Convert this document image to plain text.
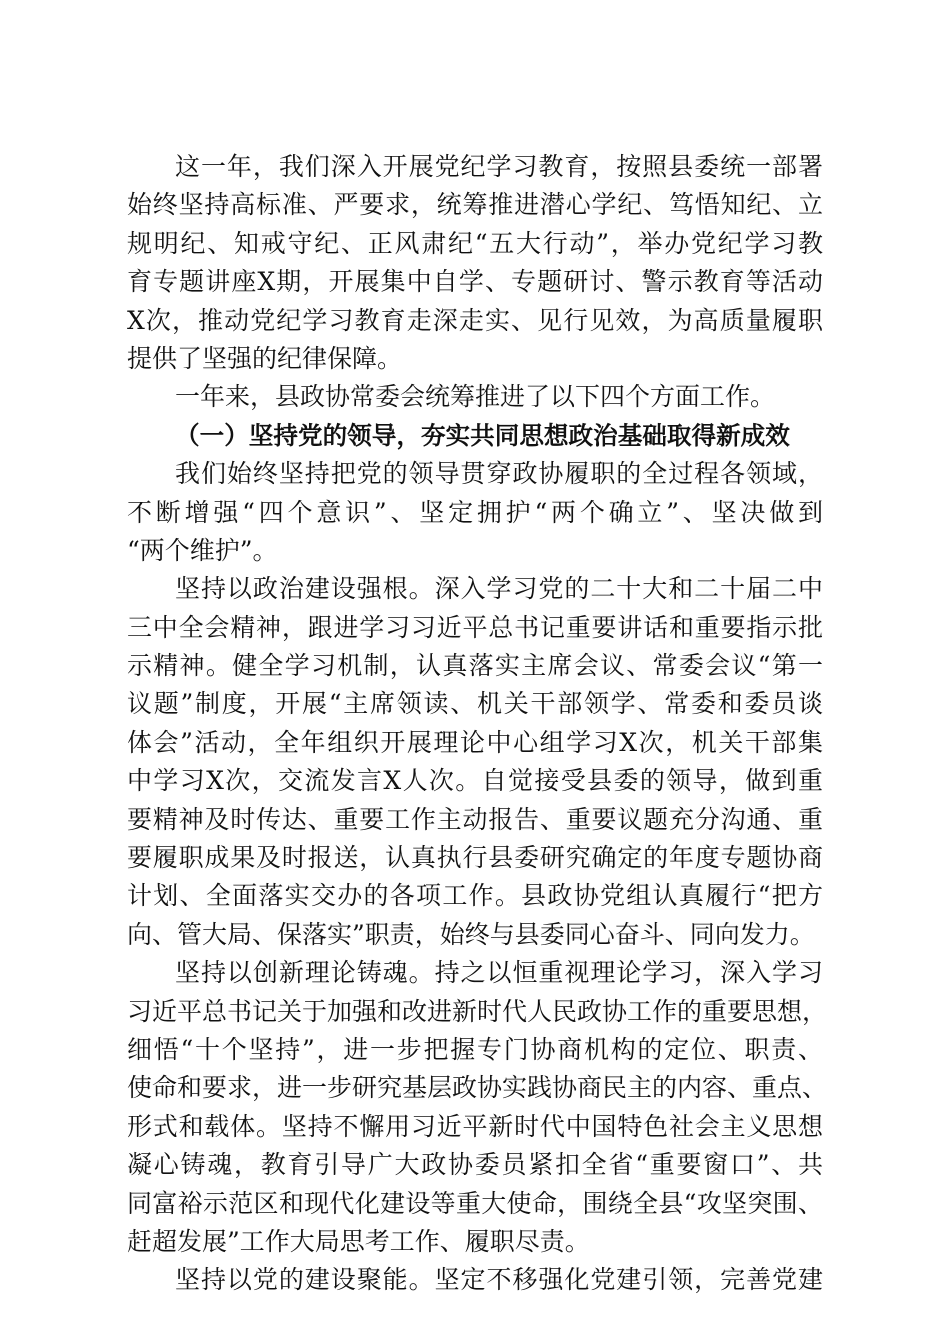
这一年，我们深入开展党纪学习教育，按照县委统一部署
始终坚持高标准、严要求，统筹推进潜心学纪、笃悟知纪、立
规明纪、知戒守纪、正风肃纪“五大行动”，举办党纪学习教
育专题讲座X期，开展集中自学、专题研讨、警示教育等活动
X次，推动党纪学习教育走深走实、见行见效，为高质量履职
提供了坚强的纪律保障。
一年来，县政协常委会统筹推进了以下四个方面工作。
（一）坚持党的领导，夯实共同思想政治基础取得新成效
我们始终坚持把党的领导贯穿政协履职的全过程各领域，
不断增强“四个意识”、坚定拥护“两个确立”、坚决做到
“两个维护”。
坚持以政治建设强根。深入学习党的二十大和二十届二中
三中全会精神，跟进学习习近平总书记重要讲话和重要指示批
示精神。健全学习机制，认真落实主席会议、常委会议“第一
议题”制度，开展“主席领读、机关干部领学、常委和委员谈
体会”活动，全年组织开展理论中心组学习X次，机关干部集
中学习X次，交流发言X人次。自觉接受县委的领导，做到重
要精神及时传达、重要工作主动报告、重要议题充分沟通、重
要履职成果及时报送，认真执行县委研究确定的年度专题协商
计划、全面落实交办的各项工作。县政协党组认真履行“把方
向、管大局、保落实”职责，始终与县委同心奋斗、同向发力。
坚持以创新理论铸魂。持之以恒重视理论学习，深入学习
习近平总书记关于加强和改进新时代人民政协工作的重要思想，
细悟“十个坚持”，进一步把握专门协商机构的定位、职责、
使命和要求，进一步研究基层政协实践协商民主的内容、重点、
形式和载体。坚持不懈用习近平新时代中国特色社会主义思想
凝心铸魂，教育引导广大政协委员紧扣全省“重要窗口”、共
同富裕示范区和现代化建设等重大使命，围绕全县“攻坚突围、
赶超发展”工作大局思考工作、履职尽责。
坚持以党的建设聚能。坚定不移强化党建引领，完善党建
